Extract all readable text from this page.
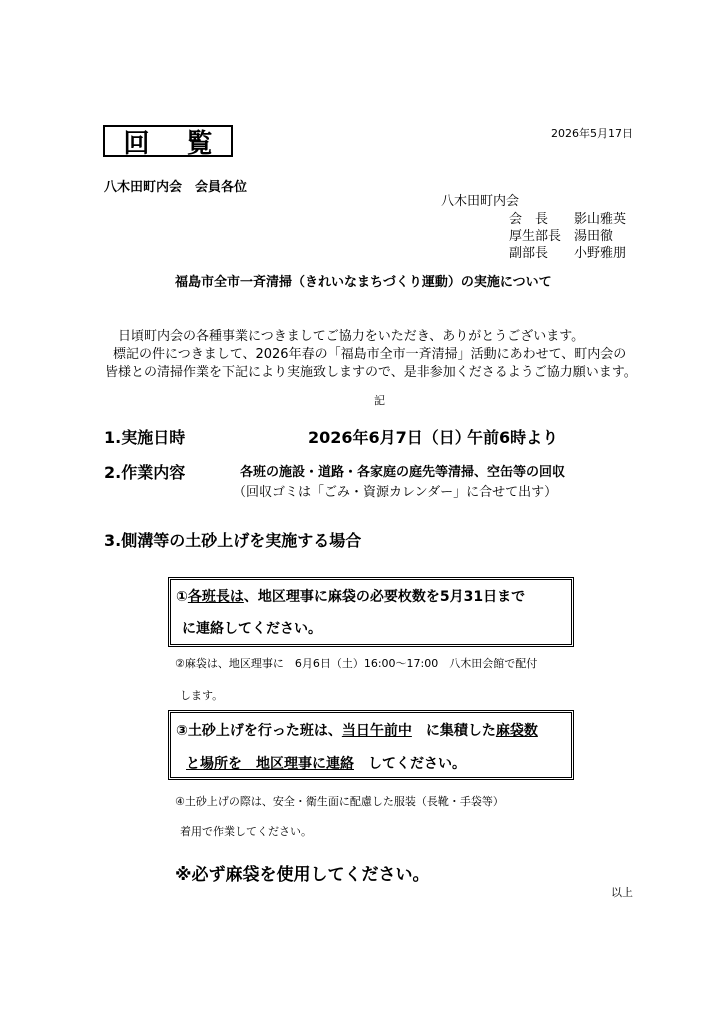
回 覧	2026年5月17日
八木田町内会　会員各位
八木田町内会
会　長 影山雅英
厚生部長 湯田徹
副部長 小野雅朋
福島市全市一斉清掃（きれいなまちづくり運動）の実施について
日頃町内会の各種事業につきましてご協力をいただき、ありがとうございます。
標記の件につきまして、2026年春の「福島市全市一斉清掃」活動にあわせて、町内会の
皆様との清掃作業を下記により実施致しますので、是非参加くださるようご協力願います。
記
1.実施日時	2026年6月7日（日）
午前6時より
2.作業内容	各班の施設・道路・各家庭の庭先等清掃、空缶等の回収
（回収ゴミは「ごみ・資源カレンダー」に合せて出す）
3.側溝等の土砂上げを実施する場合
①各班長は、地区理事に麻袋の必要枚数を5月31日まで
に連絡してください。
②麻袋は、地区理事に　6月6日（土）16:00～17:00　八木田会館で配付
します。
③土砂上げを行った班は、当日午前中　に集積した麻袋数
と場所を　地区理事に連絡　してください。
④土砂上げの際は、安全・衛生面に配慮した服装（長靴・手袋等）
着用で作業してください。
※必ず麻袋を使用してください。
以上
